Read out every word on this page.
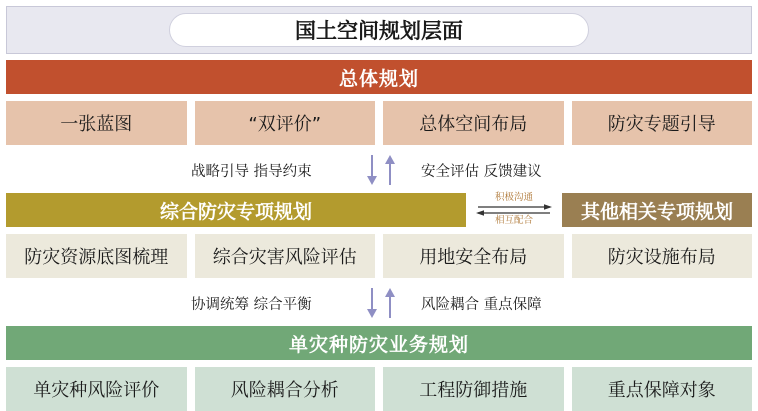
国土空间规划层面
总体规划
一张蓝图	“双评价”	总体空间布局	防灾专题引导
战略引导 指导约束	安全评估 反馈建议
综合防灾专项规划
积极沟通
相互配合	其他相关专项规划
防灾资源底图梳理	综合灾害风险评估	用地安全布局	防灾设施布局
协调统筹 综合平衡	风险耦合 重点保障
单灾种防灾业务规划
单灾种风险评价	风险耦合分析	工程防御措施	重点保障对象
